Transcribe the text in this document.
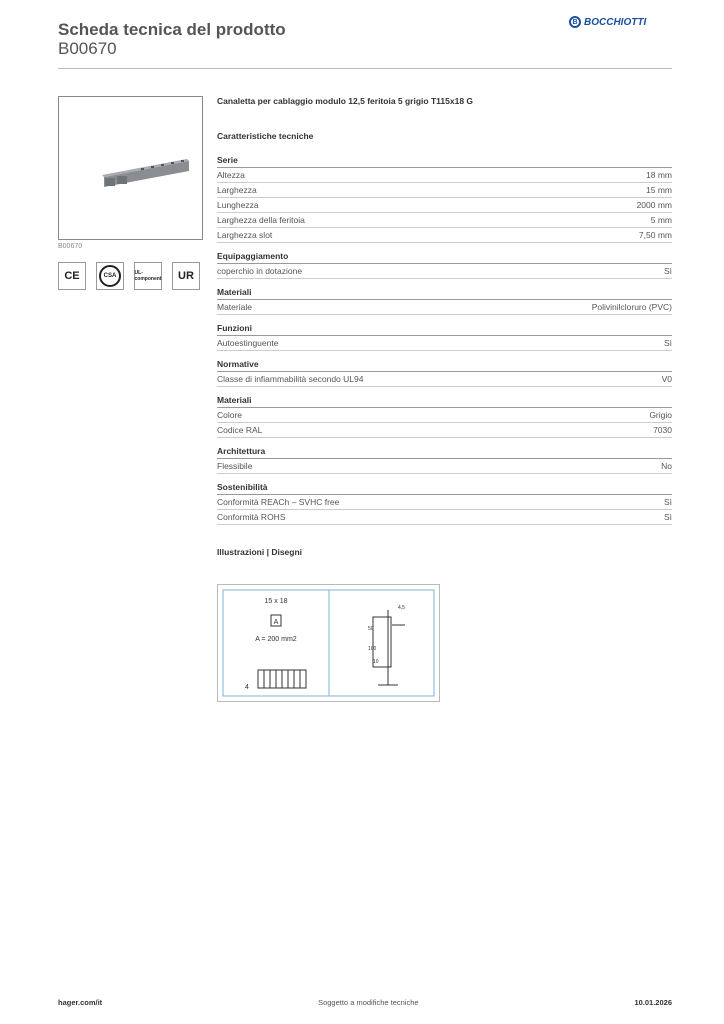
Scheda tecnica del prodotto
B00670
B BOCCHIOTTI
B00670
CE	CSA	UL-component	UR
Canaletta per cablaggio modulo 12,5 feritoia 5 grigio T115x18 G
Caratteristiche tecniche
Serie
Altezza	18 mm
Larghezza	15 mm
Lunghezza	2000 mm
Larghezza della feritoia	5 mm
Larghezza slot	7,50 mm
Equipaggiamento
coperchio in dotazione	Sì
Materiali
Materiale	Polivinilcloruro (PVC)
Funzioni
Autoestinguente	Sì
Normative
Classe di infiammabilità secondo UL94	V0
Materiali
Colore	Grigio
Codice RAL	7030
Architettura
Flessibile	No
Sostenibilità
Conformità REACh – SVHC free	Sì
Conformità ROHS	Sì
Illustrazioni | Disegni
15 x 18
A
A = 200 mm2
4
4,5
50
100
10
hager.com/it	Soggetto a modifiche tecniche	10.01.2026
